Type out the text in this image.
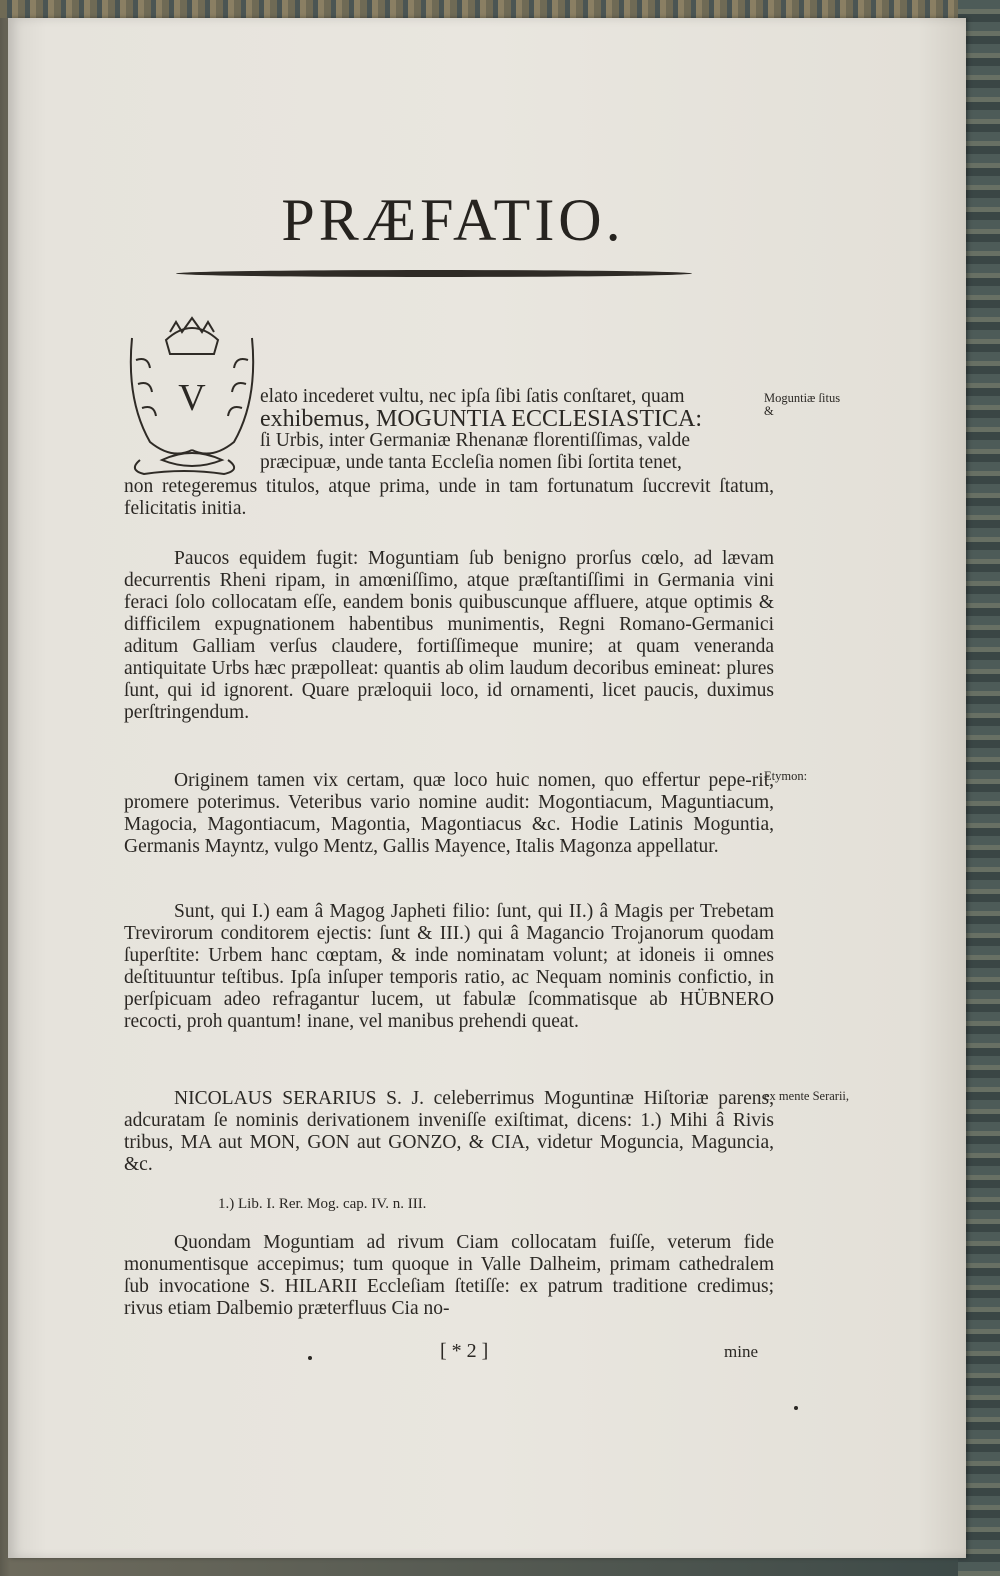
PRÆFATIO.
V	elato incederet vultu, nec ipſa ſibi ſatis conſtaret, quam
exhibemus, MOGUNTIA ECCLESIASTICA:
ſi Urbis, inter Germaniæ Rhenanæ florentiſſimas, valde
præcipuæ, unde tanta Eccleſia nomen ſibi ſortita tenet,

non retegeremus titulos, atque prima, unde in tam fortunatum ſuccrevit ſtatum, felicitatis initia.

Paucos equidem fugit: Moguntiam ſub benigno prorſus cœlo, ad lævam decurrentis Rheni ripam, in amœniſſimo, atque præſtantiſſimi in Germania vini feraci ſolo collocatam eſſe, eandem bonis quibuscunque affluere, atque optimis & difficilem expugnationem habentibus munimentis, Regni Romano-Germanici aditum Galliam verſus claudere, fortiſſimeque munire; at quam veneranda antiquitate Urbs hæc præpolleat: quantis ab olim laudum decoribus emineat: plures ſunt, qui id ignorent. Quare præloquii loco, id ornamenti, licet paucis, duximus perſtringendum.

Originem tamen vix certam, quæ loco huic nomen, quo effertur pepe-rit, promere poterimus. Veteribus vario nomine audit: Mogontiacum, Maguntiacum, Magocia, Magontiacum, Magontia, Magontiacus &c. Hodie Latinis Moguntia, Germanis Mayntz, vulgo Mentz, Gallis Mayence, Italis Magonza appellatur.

Sunt, qui I.) eam â Magog Japheti filio: ſunt, qui II.) â Magis per Trebetam Trevirorum conditorem ejectis: ſunt & III.) qui â Magancio Trojanorum quodam ſuperſtite: Urbem hanc cœptam, & inde nominatam volunt; at idoneis ii omnes deſtituuntur teſtibus. Ipſa inſuper temporis ratio, ac Nequam nominis confictio, in perſpicuam adeo refragantur lucem, ut fabulæ ſcommatisque ab HÜBNERO recocti, proh quantum! inane, vel manibus prehendi queat.

NICOLAUS SERARIUS S. J. celeberrimus Moguntinæ Hiſtoriæ parens, adcuratam ſe nominis derivationem inveniſſe exiſtimat, dicens: 1.) Mihi â Rivis tribus, MA aut MON, GON aut GONZO, & CIA, videtur Moguncia, Maguncia, &c.

1.) Lib. I. Rer. Mog. cap. IV. n. III.

Quondam Moguntiam ad rivum Ciam collocatam fuiſſe, veterum fide monumentisque accepimus; tum quoque in Valle Dalheim, primam cathedralem ſub invocatione S. HILARII Eccleſiam ſtetiſſe: ex patrum traditione credimus; rivus etiam Dalbemio præterfluus Cia no-

Moguntiæ ſitus &

Etymon:

ex mente Serarii,

[ * 2 ]	mine
